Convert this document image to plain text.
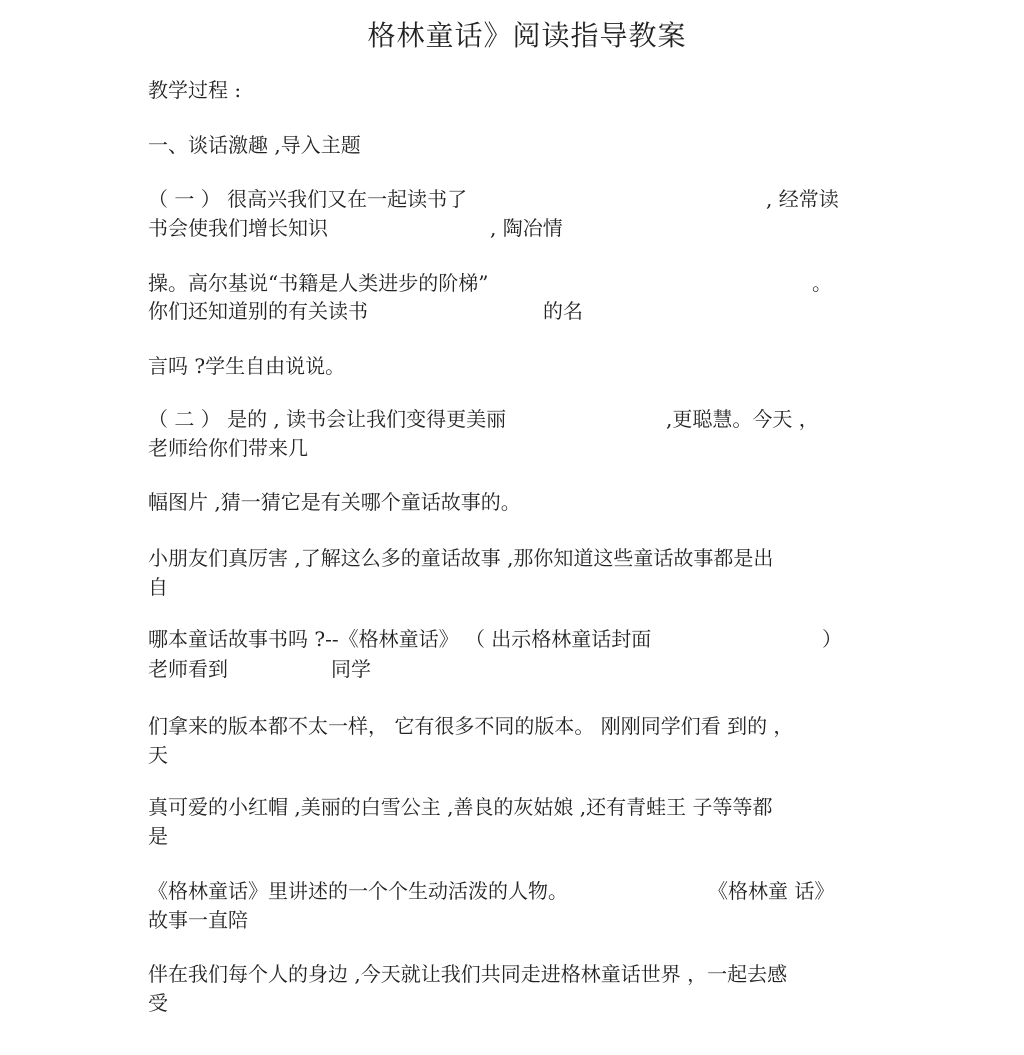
格林童话》阅读指导教案
教学过程 :
一、谈话激趣 ,导入主题
（ 一 ） 很高兴我们又在一起读书了	, 经常读
书会使我们增长知识	, 陶冶情
操。高尔基说“书籍是人类进步的阶梯”	。
你们还知道别的有关读书	的名
言吗 ?学生自由说说。
（ 二 ） 是的 , 读书会让我们变得更美丽	,更聪慧。今天 ，
老师给你们带来几
幅图片 ,猜一猜它是有关哪个童话故事的。
小朋友们真厉害 ,了解这么多的童话故事 ,那你知道这些童话故事都是出
自
哪本童话故事书吗 ?--《格林童话》 （ 出示格林童话封面	）
老师看到	同学
们拿来的版本都不太一样， 它有很多不同的版本。 刚刚同学们看 到的 ，
天
真可爱的小红帽 ,美丽的白雪公主 ,善良的灰姑娘 ,还有青蛙王 子等等都
是
《格林童话》里讲述的一个个生动活泼的人物。	《格林童 话》
故事一直陪
伴在我们每个人的身边 ,今天就让我们共同走进格林童话世界 ，一起去感
受
